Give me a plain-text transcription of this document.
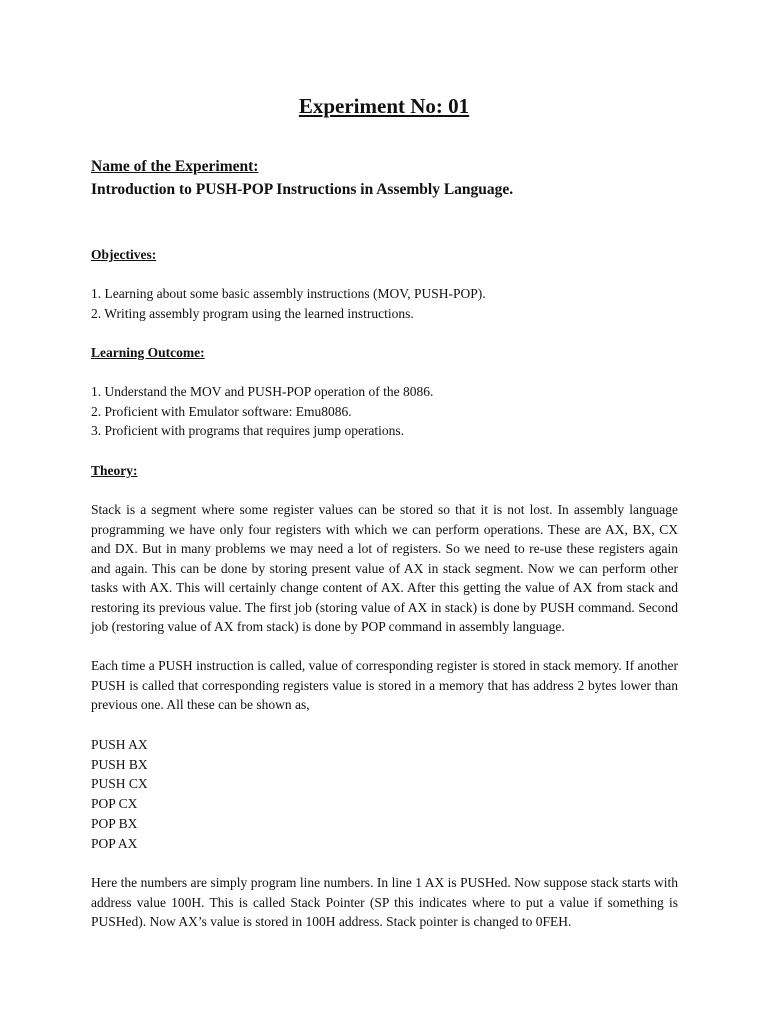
Experiment No: 01
Name of the Experiment:
Introduction to PUSH-POP Instructions in Assembly Language.
Objectives:
1. Learning about some basic assembly instructions (MOV, PUSH-POP).
2. Writing assembly program using the learned instructions.
Learning Outcome:
1. Understand the MOV and PUSH-POP operation of the 8086.
2. Proficient with Emulator software: Emu8086.
3. Proficient with programs that requires jump operations.
Theory:

Stack is a segment where some register values can be stored so that it is not lost. In assembly language programming we have only four registers with which we can perform operations. These are AX, BX, CX and DX. But in many problems we may need a lot of registers. So we need to re-use these registers again and again. This can be done by storing present value of AX in stack segment. Now we can perform other tasks with AX. This will certainly change content of AX. After this getting the value of AX from stack and restoring its previous value. The first job (storing value of AX in stack) is done by PUSH command. Second job (restoring value of AX from stack) is done by POP command in assembly language.

Each time a PUSH instruction is called, value of corresponding register is stored in stack memory. If another PUSH is called that corresponding registers value is stored in a memory that has address 2 bytes lower than previous one. All these can be shown as,

PUSH AX
PUSH BX
PUSH CX
POP CX
POP BX
POP AX

Here the numbers are simply program line numbers. In line 1 AX is PUSHed. Now suppose stack starts with address value 100H. This is called Stack Pointer (SP this indicates where to put a value if something is PUSHed). Now AX’s value is stored in 100H address. Stack pointer is changed to 0FEH.
